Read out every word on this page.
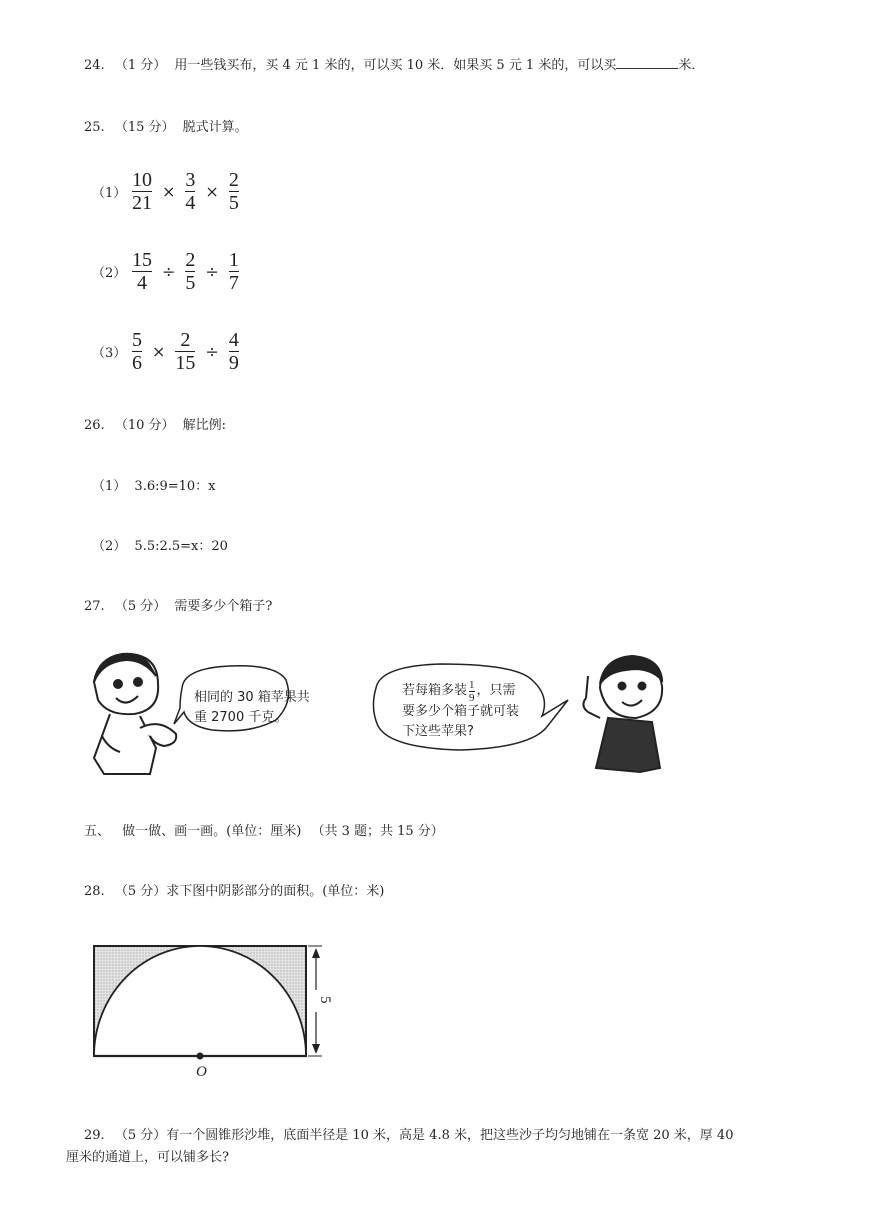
24. （1 分） 用一些钱买布，买 4 元 1 米的，可以买 10 米．如果买 5 元 1 米的，可以买	米．
25. （15 分） 脱式计算。
$(1) \frac{10}{21} \times \frac{3}{4} \times \frac{2}{5}$
$(2) \frac{15}{4} \div \frac{2}{5} \div \frac{1}{7}$
$(3) \frac{5}{6} \times \frac{2}{15} \div \frac{4}{9}$
26. （10 分） 解比例:
（1） 3.6:9=10：x
（2） 5.5:2.5=x：20
27. （5 分） 需要多少个箱子?
相同的 30 箱苹果共
重 2700 千克。
若每箱多装 $\frac{1}{9}$ ，只需
要多少个箱子就可装
下这些苹果?
五、 做一做、画一画。(单位：厘米) （共 3 题；共 15 分）
28. （5 分）求下图中阴影部分的面积。(单位：米)
O
5
29. （5 分）有一个圆锥形沙堆，底面半径是 10 米，高是 4.8 米，把这些沙子均匀地铺在一条宽 20 米，厚 40
厘米的通道上，可以铺多长?
